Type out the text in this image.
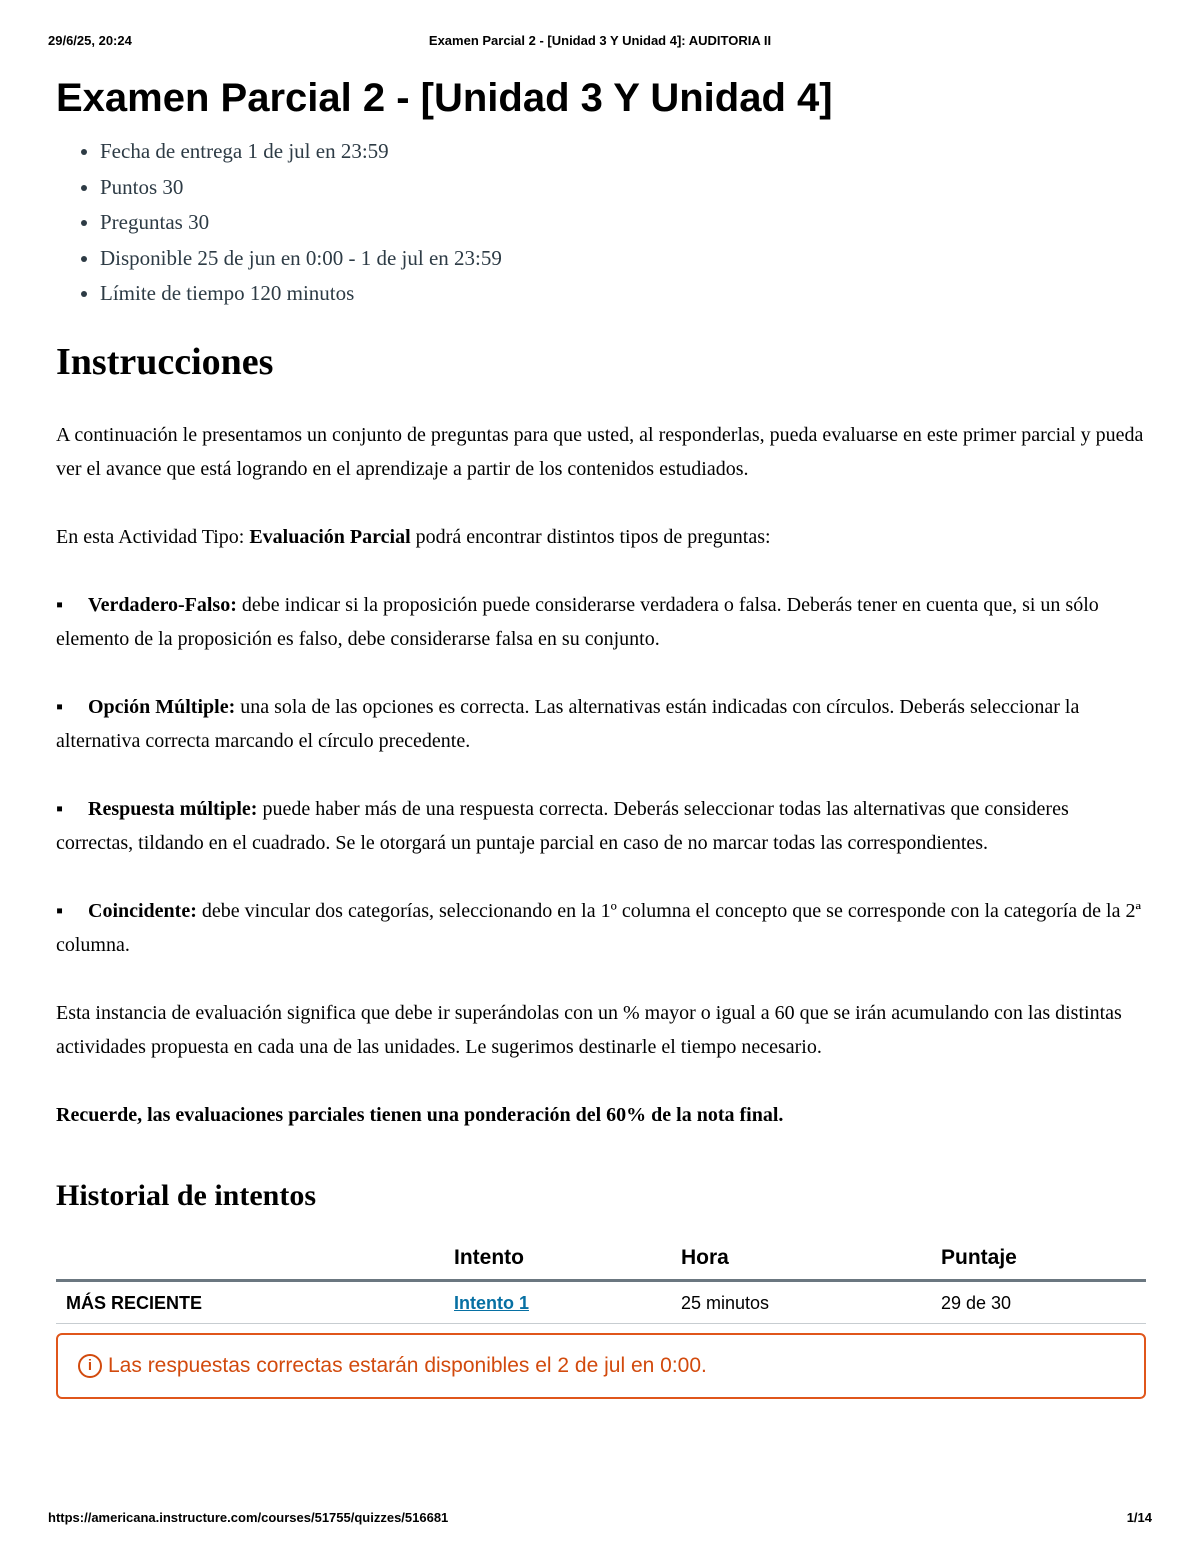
29/6/25, 20:24	Examen Parcial 2 - [Unidad 3 Y Unidad 4]: AUDITORIA II
Examen Parcial 2 - [Unidad 3 Y Unidad 4]
• Fecha de entrega 1 de jul en 23:59
• Puntos 30
• Preguntas 30
• Disponible 25 de jun en 0:00 - 1 de jul en 23:59
• Límite de tiempo 120 minutos
Instrucciones

A continuación le presentamos un conjunto de preguntas para que usted, al responderlas, pueda evaluarse en este primer parcial y pueda ver el avance que está logrando en el aprendizaje a partir de los contenidos estudiados.

En esta Actividad Tipo: Evaluación Parcial podrá encontrar distintos tipos de preguntas:

▪ Verdadero-Falso: debe indicar si la proposición puede considerarse verdadera o falsa. Deberás tener en cuenta que, si un sólo elemento de la proposición es falso, debe considerarse falsa en su conjunto.

▪ Opción Múltiple: una sola de las opciones es correcta. Las alternativas están indicadas con círculos. Deberás seleccionar la alternativa correcta marcando el círculo precedente.

▪ Respuesta múltiple: puede haber más de una respuesta correcta. Deberás seleccionar todas las alternativas que consideres correctas, tildando en el cuadrado. Se le otorgará un puntaje parcial en caso de no marcar todas las correspondientes.

▪ Coincidente: debe vincular dos categorías, seleccionando en la 1º columna el concepto que se corresponde con la categoría de la 2ª columna.

Esta instancia de evaluación significa que debe ir superándolas con un % mayor o igual a 60 que se irán acumulando con las distintas actividades propuesta en cada una de las unidades. Le sugerimos destinarle el tiempo necesario.

Recuerde, las evaluaciones parciales tienen una ponderación del 60% de la nota final.

Historial de intentos
	Intento	Hora	Puntaje
MÁS RECIENTE	Intento 1	25 minutos	29 de 30
i Las respuestas correctas estarán disponibles el 2 de jul en 0:00.
https://americana.instructure.com/courses/51755/quizzes/516681	1/14
